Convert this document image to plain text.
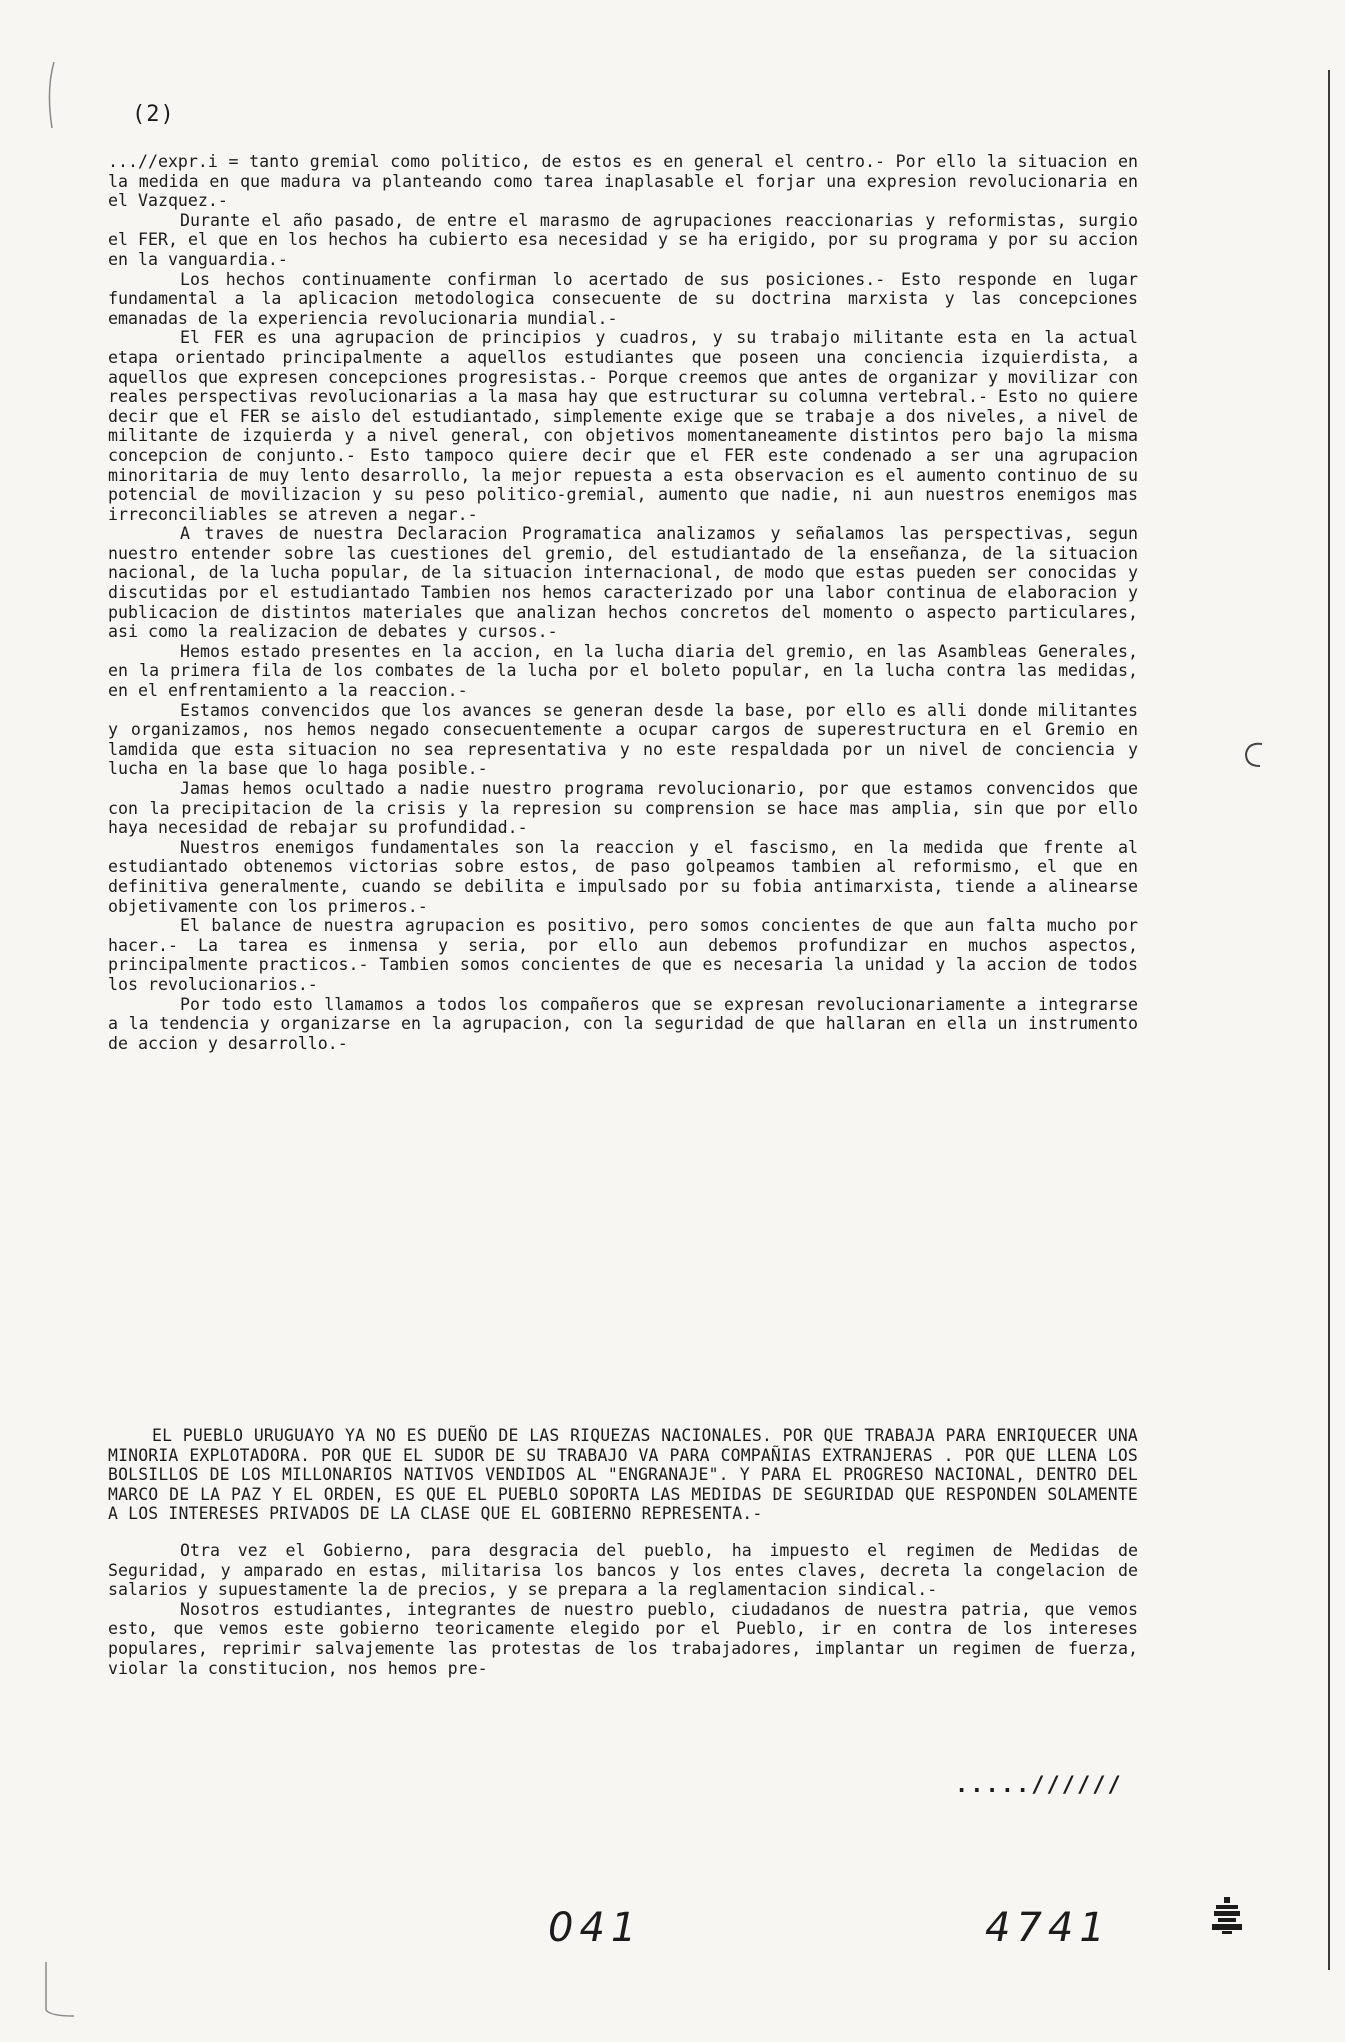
(2)

...//expr.i = tanto gremial como politico, de estos es en general el centro.- Por ello la situacion en la medida en que madura va planteando como tarea inaplasable el forjar una expresion revolucionaria en el Vazquez.-

Durante el año pasado, de entre el marasmo de agrupaciones reaccionarias y reformistas, surgio el FER, el que en los hechos ha cubierto esa necesidad y se ha erigido, por su programa y por su accion en la vanguardia.-

Los hechos continuamente confirman lo acertado de sus posiciones.- Esto responde en lugar fundamental a la aplicacion metodologica consecuente de su doctrina marxista y las concepciones emanadas de la experiencia revolucionaria mundial.-

El FER es una agrupacion de principios y cuadros, y su trabajo militante esta en la actual etapa orientado principalmente a aquellos estudiantes que poseen una conciencia izquierdista, a aquellos que expresen concepciones progresistas.- Porque creemos que antes de organizar y movilizar con reales perspectivas revolucionarias a la masa hay que estructurar su columna vertebral.- Esto no quiere decir que el FER se aislo del estudiantado, simplemente exige que se trabaje a dos niveles, a nivel de militante de izquierda y a nivel general, con objetivos momentaneamente distintos pero bajo la misma concepcion de conjunto.- Esto tampoco quiere decir que el FER este condenado a ser una agrupacion minoritaria de muy lento desarrollo, la mejor repuesta a esta observacion es el aumento continuo de su potencial de movilizacion y su peso politico-gremial, aumento que nadie, ni aun nuestros enemigos mas irreconciliables se atreven a negar.-

A traves de nuestra Declaracion Programatica analizamos y señalamos las perspectivas, segun nuestro entender sobre las cuestiones del gremio, del estudiantado de la enseñanza, de la situacion nacional, de la lucha popular, de la situacion internacional, de modo que estas pueden ser conocidas y discutidas por el estudiantado Tambien nos hemos caracterizado por una labor continua de elaboracion y publicacion de distintos materiales que analizan hechos concretos del momento o aspecto particulares, asi como la realizacion de debates y cursos.-

Hemos estado presentes en la accion, en la lucha diaria del gremio, en las Asambleas Generales, en la primera fila de los combates de la lucha por el boleto popular, en la lucha contra las medidas, en el enfrentamiento a la reaccion.-

Estamos convencidos que los avances se generan desde la base, por ello es alli donde militantes y organizamos, nos hemos negado consecuentemente a ocupar cargos de superestructura en el Gremio en lamdida que esta situacion no sea representativa y no este respaldada por un nivel de conciencia y lucha en la base que lo haga posible.-

Jamas hemos ocultado a nadie nuestro programa revolucionario, por que estamos convencidos que con la precipitacion de la crisis y la represion su comprension se hace mas amplia, sin que por ello haya necesidad de rebajar su profundidad.-

Nuestros enemigos fundamentales son la reaccion y el fascismo, en la medida que frente al estudiantado obtenemos victorias sobre estos, de paso golpeamos tambien al reformismo, el que en definitiva generalmente, cuando se debilita e impulsado por su fobia antimarxista, tiende a alinearse objetivamente con los primeros.-

El balance de nuestra agrupacion es positivo, pero somos concientes de que aun falta mucho por hacer.- La tarea es inmensa y seria, por ello aun debemos profundizar en muchos aspectos, principalmente practicos.- Tambien somos concientes de que es necesaria la unidad y la accion de todos los revolucionarios.-

Por todo esto llamamos a todos los compañeros que se expresan revolucionariamente a integrarse a la tendencia y organizarse en la agrupacion, con la seguridad de que hallaran en ella un instrumento de accion y desarrollo.-

EL PUEBLO URUGUAYO YA NO ES DUEÑO DE LAS RIQUEZAS NACIONALES. POR QUE TRABAJA PARA ENRIQUECER UNA MINORIA EXPLOTADORA. POR QUE EL SUDOR DE SU TRABAJO VA PARA COMPAÑIAS EXTRANJERAS . POR QUE LLENA LOS BOLSILLOS DE LOS MILLONARIOS NATIVOS VENDIDOS AL "ENGRANAJE". Y PARA EL PROGRESO NACIONAL, DENTRO DEL MARCO DE LA PAZ Y EL ORDEN, ES QUE EL PUEBLO SOPORTA LAS MEDIDAS DE SEGURIDAD QUE RESPONDEN SOLAMENTE A LOS INTERESES PRIVADOS DE LA CLASE QUE EL GOBIERNO REPRESENTA.-

Otra vez el Gobierno, para desgracia del pueblo, ha impuesto el regimen de Medidas de Seguridad, y amparado en estas, militarisa los bancos y los entes claves, decreta la congelacion de salarios y supuestamente la de precios, y se prepara a la reglamentacion sindical.-

Nosotros estudiantes, integrantes de nuestro pueblo, ciudadanos de nuestra patria, que vemos esto, que vemos este gobierno teoricamente elegido por el Pueblo, ir en contra de los intereses populares, reprimir salvajemente las protestas de los trabajadores, implantar un regimen de fuerza, violar la constitucion, nos hemos pre-

.....//////
041	4741
